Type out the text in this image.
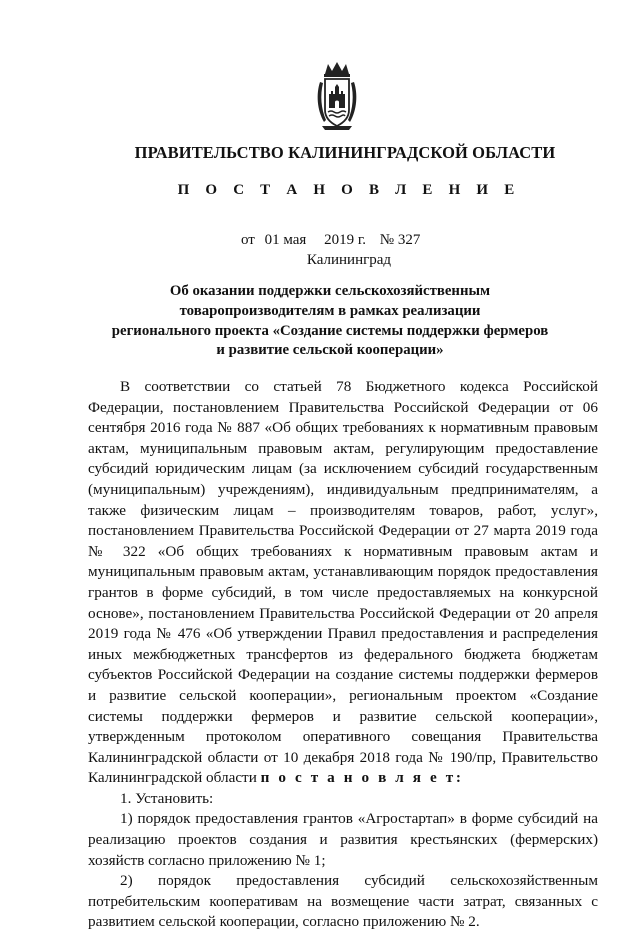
ПРАВИТЕЛЬСТВО КАЛИНИНГРАДСКОЙ ОБЛАСТИ
П О С Т А Н О В Л Е Н И Е
от 01 мая 2019 г. № 327
Калининград
Об оказании поддержки сельскохозяйственным
товаропроизводителям в рамках реализации
регионального проекта «Создание системы поддержки фермеров
и развитие сельской кооперации»

В соответствии со статьей 78 Бюджетного кодекса Российской Федерации, постановлением Правительства Российской Федерации от 06 сентября 2016 года № 887 «Об общих требованиях к нормативным правовым актам, муниципальным правовым актам, регулирующим предоставление субсидий юридическим лицам (за исключением субсидий государственным (муниципальным) учреждениям), индивидуальным предпринимателям, а также физическим лицам – производителям товаров, работ, услуг», постановлением Правительства Российской Федерации от 27 марта 2019 года № 322 «Об общих требованиях к нормативным правовым актам и муниципальным правовым актам, устанавливающим порядок предоставления грантов в форме субсидий, в том числе предоставляемых на конкурсной основе», постановлением Правительства Российской Федерации от 20 апреля 2019 года № 476 «Об утверждении Правил предоставления и распределения иных межбюджетных трансфертов из федерального бюджета бюджетам субъектов Российской Федерации на создание системы поддержки фермеров и развитие сельской кооперации», региональным проектом «Создание системы поддержки фермеров и развитие сельской кооперации», утвержденным протоколом оперативного совещания Правительства Калининградской области от 10 декабря 2018 года № 190/пр, Правительство Калининградской области п о с т а н о в л я е т:

1. Установить:

1) порядок предоставления грантов «Агростартап» в форме субсидий на реализацию проектов создания и развития крестьянских (фермерских) хозяйств согласно приложению № 1;

2) порядок предоставления субсидий сельскохозяйственным потребительским кооперативам на возмещение части затрат, связанных с развитием сельской кооперации, согласно приложению № 2.
